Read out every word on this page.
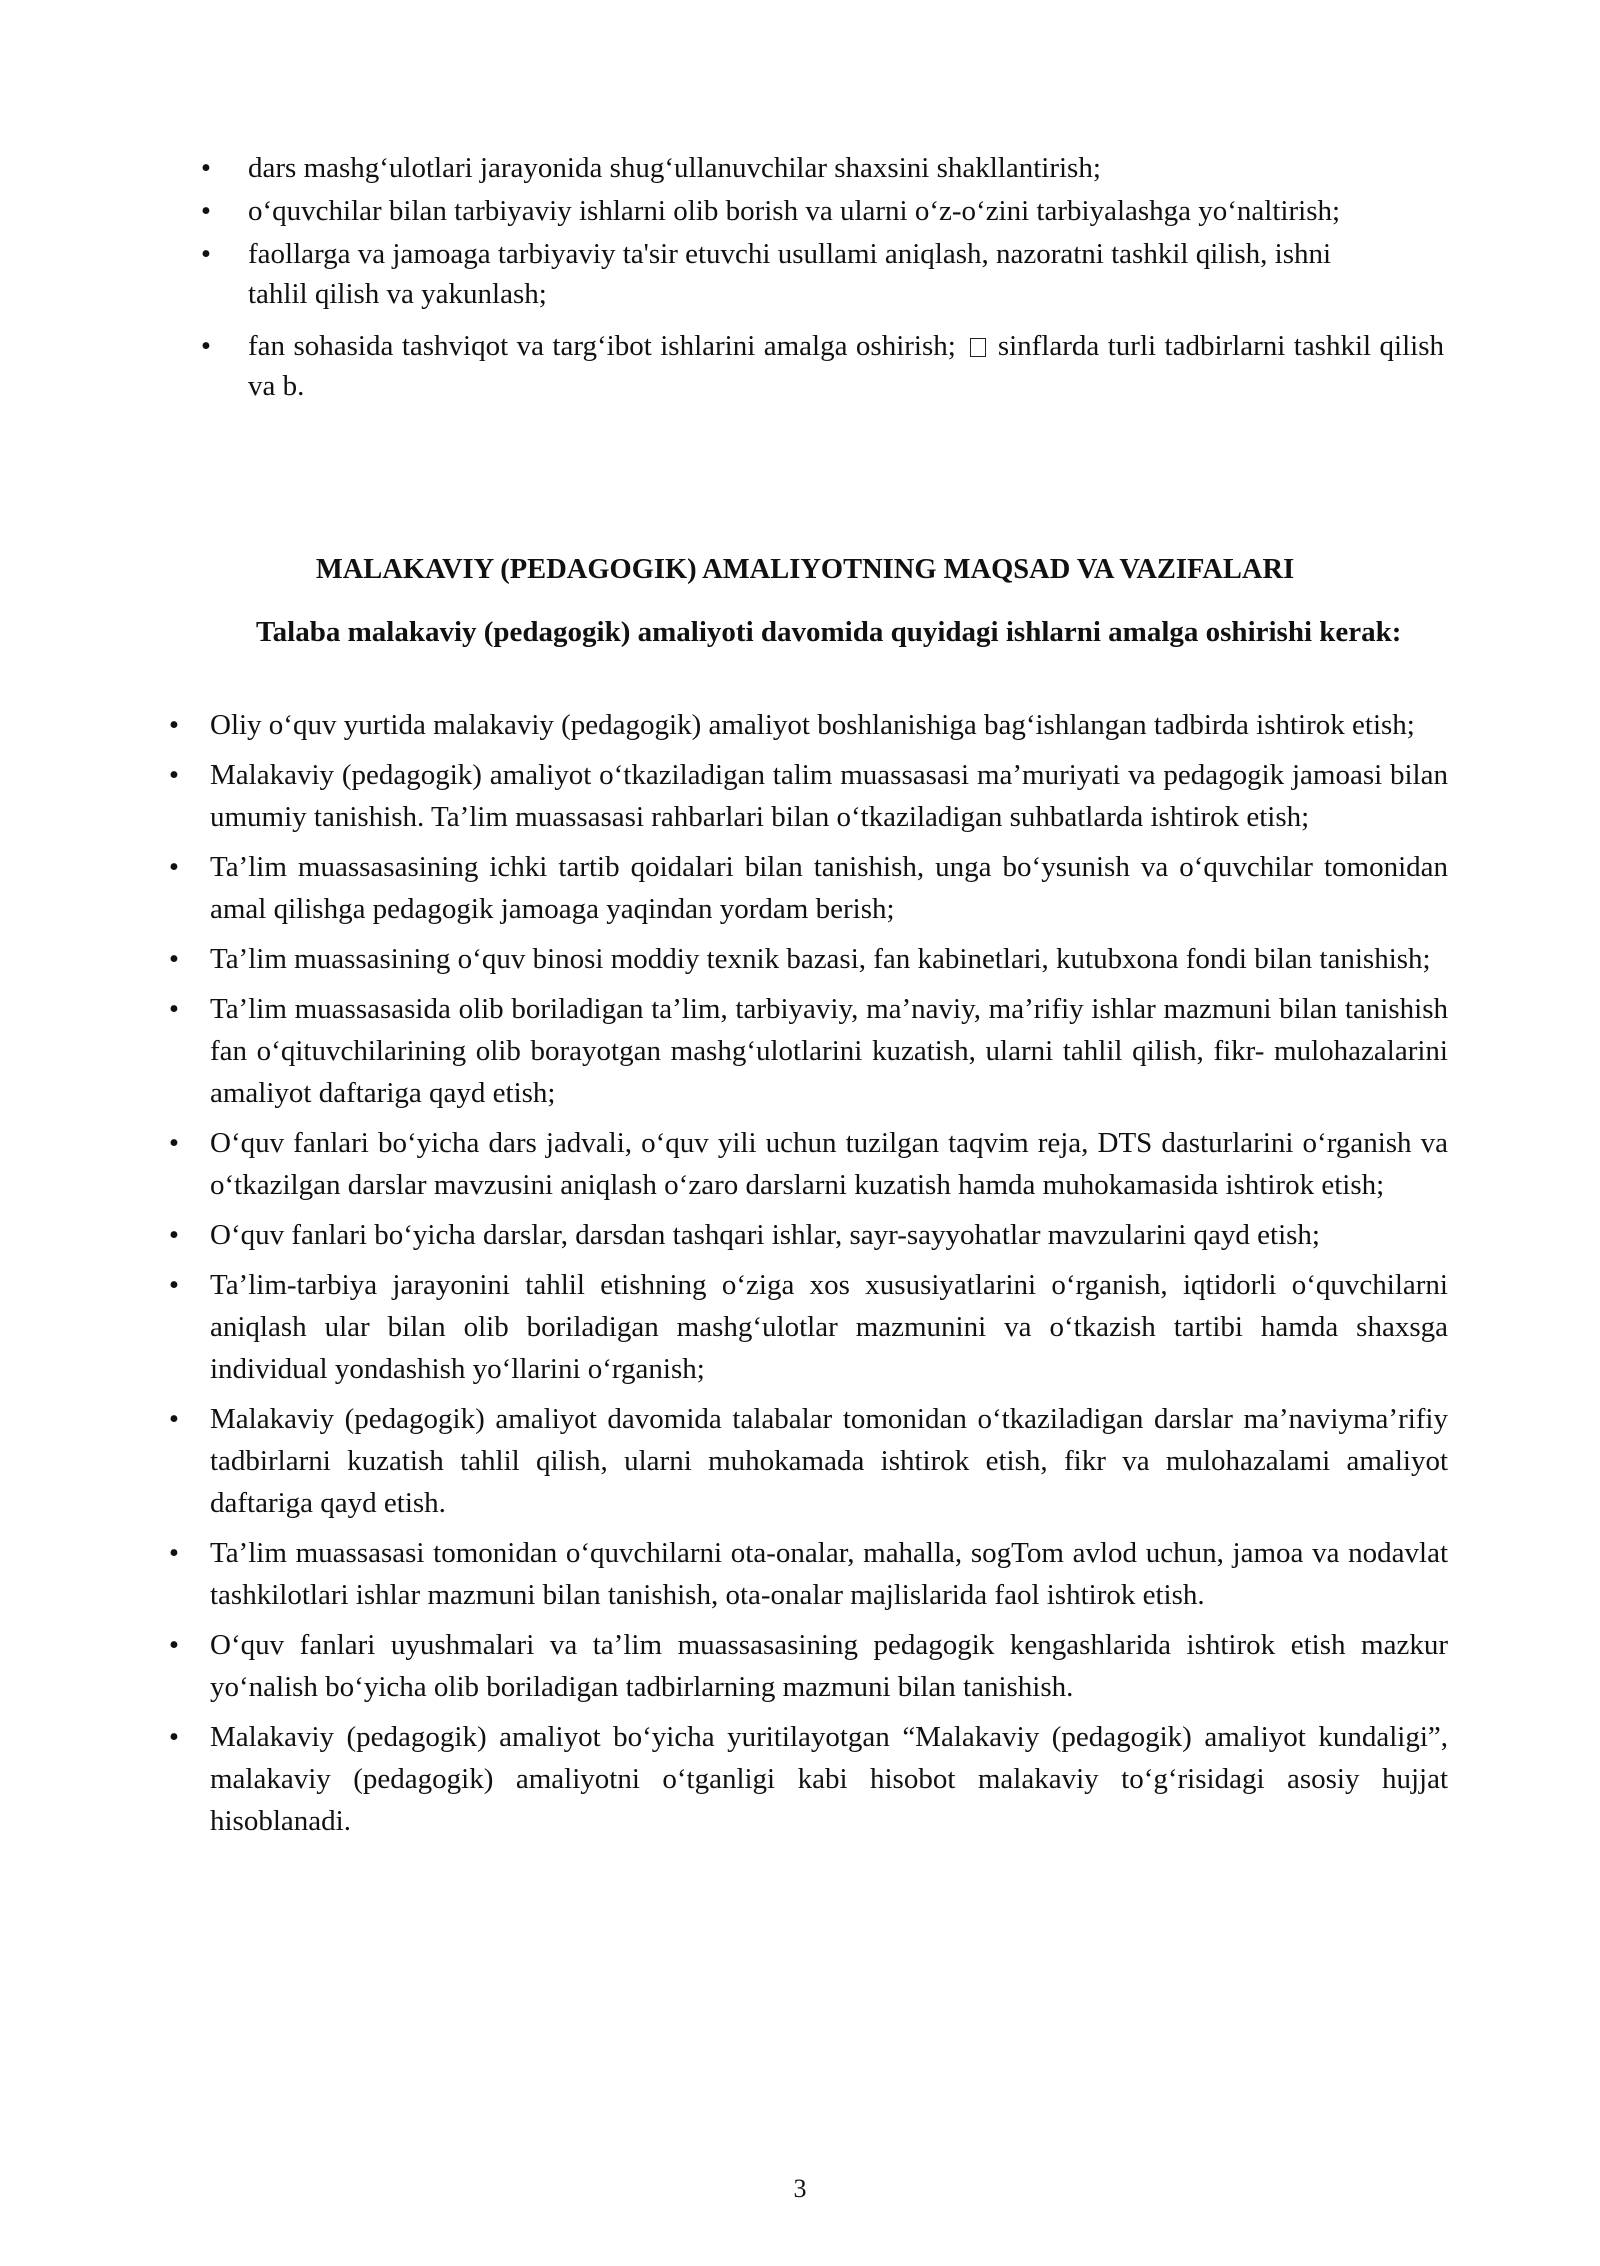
• dars mashg‘ulotlari jarayonida shug‘ullanuvchilar shaxsini shakllantirish;
• o‘quvchilar bilan tarbiyaviy ishlarni olib borish va ularni o‘z-o‘zini tarbiyalashga yo‘naltirish;
• faollarga va jamoaga tarbiyaviy ta'sir etuvchi usullami aniqlash, nazoratni tashkil qilish, ishni
tahlil qilish va yakunlash;
• fan sohasida tashviqot va targ‘ibot ishlarini amalga oshirish; sinflarda turli tadbirlarni tashkil qilish va b.
MALAKAVIY (PEDAGOGIK) AMALIYOTNING MAQSAD VA VAZIFALARI

Talaba malakaviy (pedagogik) amaliyoti davomida quyidagi ishlarni amalga oshirishi kerak:

• Oliy o‘quv yurtida malakaviy (pedagogik) amaliyot boshlanishiga bag‘ishlangan tadbirda ishtirok etish;
• Malakaviy (pedagogik) amaliyot o‘tkaziladigan talim muassasasi ma’muriyati va pedagogik jamoasi bilan umumiy tanishish. Ta’lim muassasasi rahbarlari bilan o‘tkaziladigan suhbatlarda ishtirok etish;
• Ta’lim muassasasining ichki tartib qoidalari bilan tanishish, unga bo‘ysunish va o‘quvchilar tomonidan amal qilishga pedagogik jamoaga yaqindan yordam berish;
• Ta’lim muassasining o‘quv binosi moddiy texnik bazasi, fan kabinetlari, kutubxona fondi bilan tanishish;
• Ta’lim muassasasida olib boriladigan ta’lim, tarbiyaviy, ma’naviy, ma’rifiy ishlar mazmuni bilan tanishish fan o‘qituvchilarining olib borayotgan mashg‘ulotlarini kuzatish, ularni tahlil qilish, fikr- mulohazalarini amaliyot daftariga qayd etish;
• O‘quv fanlari bo‘yicha dars jadvali, o‘quv yili uchun tuzilgan taqvim reja, DTS dasturlarini o‘rganish va o‘tkazilgan darslar mavzusini aniqlash o‘zaro darslarni kuzatish hamda muhokamasida ishtirok etish;
• O‘quv fanlari bo‘yicha darslar, darsdan tashqari ishlar, sayr-sayyohatlar mavzularini qayd etish;
• Ta’lim-tarbiya jarayonini tahlil etishning o‘ziga xos xususiyatlarini o‘rganish, iqtidorli o‘quvchilarni aniqlash ular bilan olib boriladigan mashg‘ulotlar mazmunini va o‘tkazish tartibi hamda shaxsga individual yondashish yo‘llarini o‘rganish;
• Malakaviy (pedagogik) amaliyot davomida talabalar tomonidan o‘tkaziladigan darslar ma’naviyma’rifiy tadbirlarni kuzatish tahlil qilish, ularni muhokamada ishtirok etish, fikr va mulohazalami amaliyot daftariga qayd etish.
• Ta’lim muassasasi tomonidan o‘quvchilarni ota-onalar, mahalla, sogTom avlod uchun, jamoa va nodavlat tashkilotlari ishlar mazmuni bilan tanishish, ota-onalar majlislarida faol ishtirok etish.
• O‘quv fanlari uyushmalari va ta’lim muassasasining pedagogik kengashlarida ishtirok etish mazkur yo‘nalish bo‘yicha olib boriladigan tadbirlarning mazmuni bilan tanishish.
• Malakaviy (pedagogik) amaliyot bo‘yicha yuritilayotgan “Malakaviy (pedagogik) amaliyot kundaligi”, malakaviy (pedagogik) amaliyotni o‘tganligi kabi hisobot malakaviy to‘g‘risidagi asosiy hujjat hisoblanadi.
3
